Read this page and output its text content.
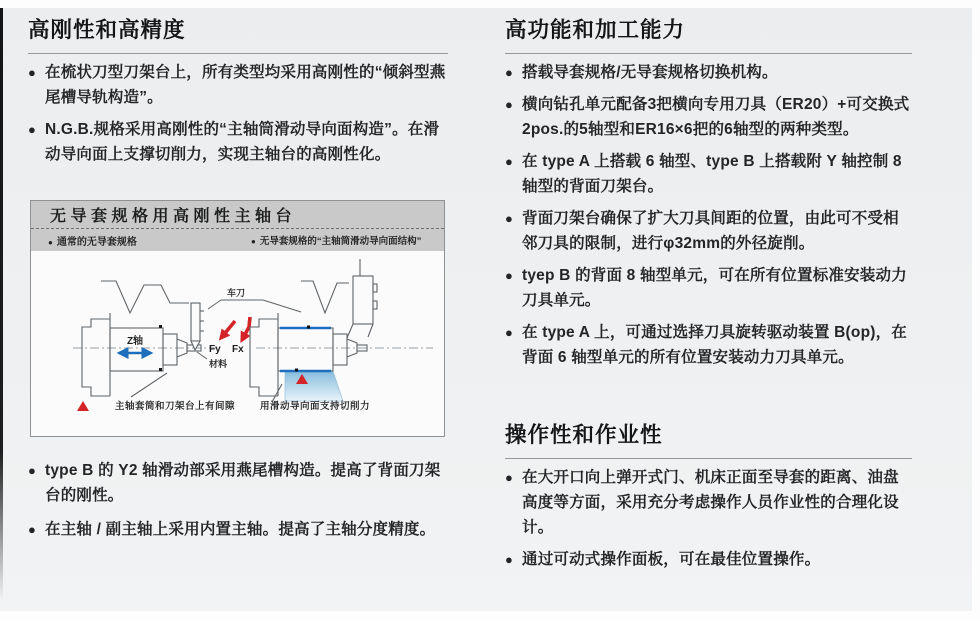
高刚性和高精度
● 在梳状刀型刀架台上，所有类型均采用高刚性的“倾斜型燕尾槽导轨构造”。
● N.G.B.规格采用高刚性的“主轴筒滑动导向面构造”。在滑动导向面上支撑切削力，实现主轴台的高刚性化。
无导套规格用高刚性主轴台
● 通常的无导套规格	● 无导套规格的“主轴筒滑动导向面结构”
Z轴
主轴套筒和刀架台上有间隙
车刀
Fy Fx
材料
用滑动导向面支持切削力
● type B 的 Y2 轴滑动部采用燕尾槽构造。提高了背面刀架台的刚性。
● 在主轴 / 副主轴上采用内置主轴。提高了主轴分度精度。
高功能和加工能力
● 搭载导套规格/无导套规格切换机构。
● 横向钻孔单元配备3把横向专用刀具（ER20）+可交换式2pos.的5轴型和ER16×6把的6轴型的两种类型。
● 在 type A 上搭载 6 轴型、type B 上搭载附 Y 轴控制 8 轴型的背面刀架台。
● 背面刀架台确保了扩大刀具间距的位置，由此可不受相邻刀具的限制，进行φ32mm的外径旋削。
● tyep B 的背面 8 轴型单元，可在所有位置标准安装动力刀具单元。
● 在 type A 上，可通过选择刀具旋转驱动装置 B(op)，在背面 6 轴型单元的所有位置安装动力刀具单元。
操作性和作业性
● 在大开口向上弹开式门、机床正面至导套的距离、油盘高度等方面，采用充分考虑操作人员作业性的合理化设计。
● 通过可动式操作面板，可在最佳位置操作。
